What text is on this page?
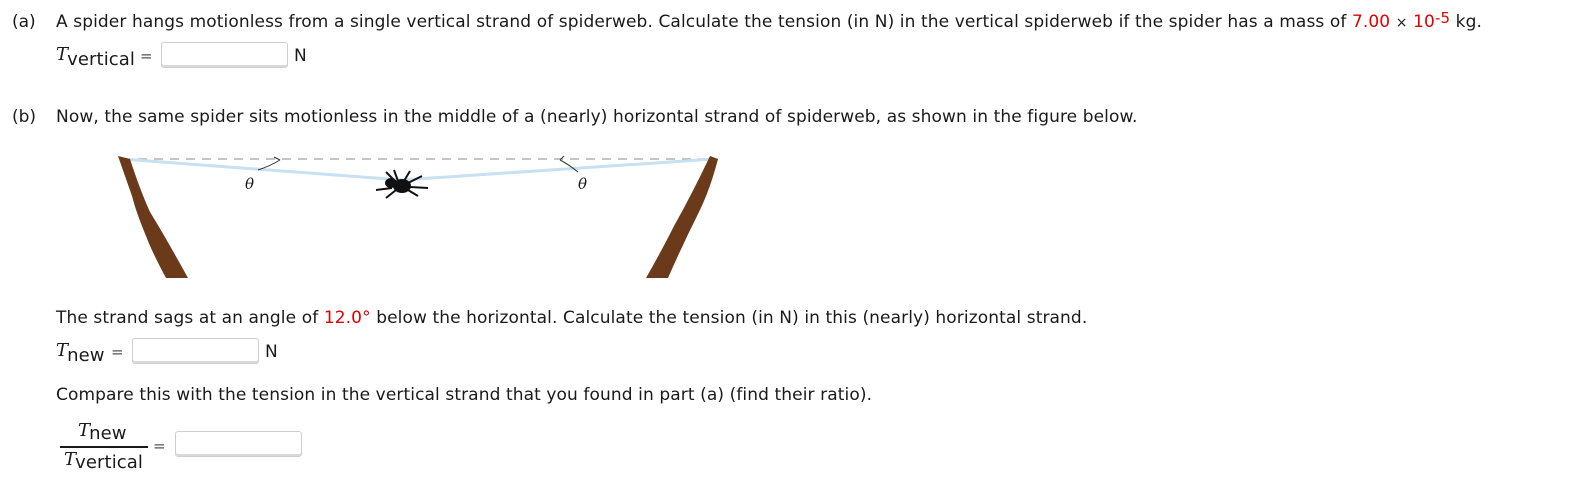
(a) A spider hangs motionless from a single vertical strand of spiderweb. Calculate the tension (in N) in the vertical spiderweb if the spider has a mass of $7.00 \times 10^{-5}$ kg.
Tvertical =	N
(b) Now, the same spider sits motionless in the middle of a (nearly) horizontal strand of spiderweb, as shown in the figure below.
θ	θ
The strand sags at an angle of 12.0° below the horizontal. Calculate the tension (in N) in this (nearly) horizontal strand.
Tnew =	N
Compare this with the tension in the vertical strand that you found in part (a) (find their ratio).
Tnew
Tvertical
=
